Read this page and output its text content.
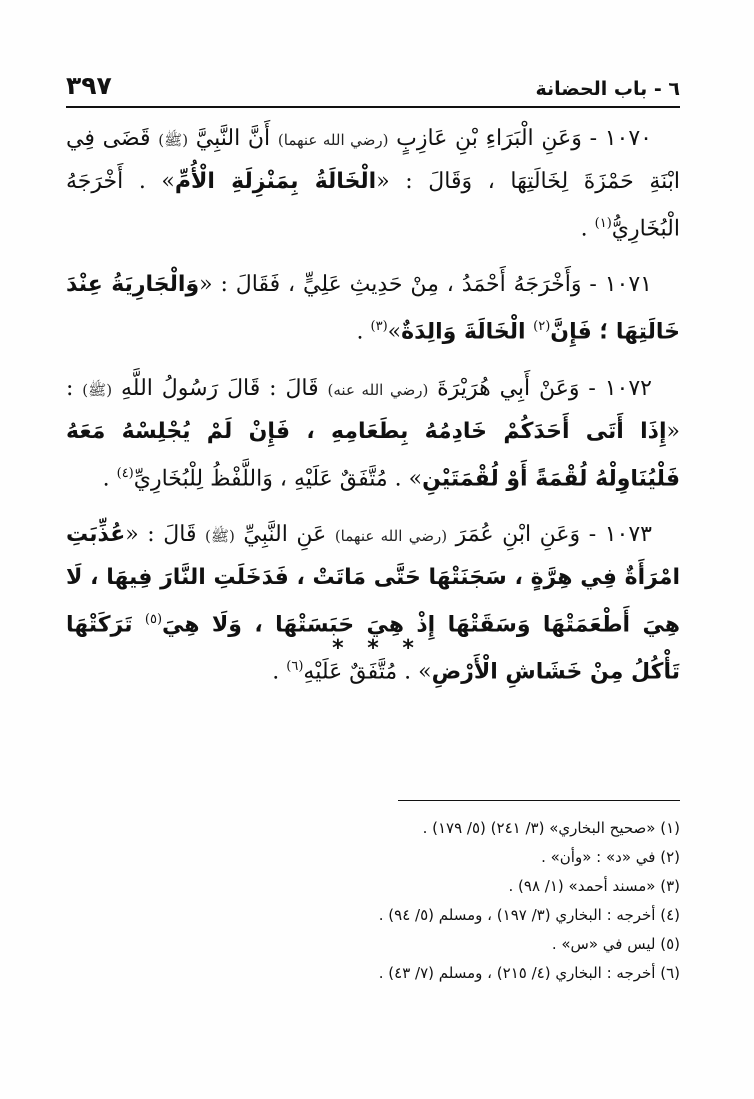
٦ - باب الحضانة
٣٩٧

١٠٧٠ - وَعَنِ الْبَرَاءِ بْنِ عَازِبٍ (رضي الله عنهما) أَنَّ النَّبِيَّ (ﷺ) قَضَى فِي ابْنَةِ حَمْزَةَ لِخَالَتِهَا ، وَقَالَ : «الْخَالَةُ بِمَنْزِلَةِ الْأُمِّ» . أَخْرَجَهُ الْبُخَارِيُّ$^{(١)}$ .

١٠٧١ - وَأَخْرَجَهُ أَحْمَدُ ، مِنْ حَدِيثِ عَلِيٍّ ، فَقَالَ : «وَالْجَارِيَةُ عِنْدَ خَالَتِهَا ؛ فَإِنَّ$^{(٢)}$ الْخَالَةَ وَالِدَةٌ»$^{(٣)}$ .

١٠٧٢ - وَعَنْ أَبِي هُرَيْرَةَ (رضي الله عنه) قَالَ : قَالَ رَسُولُ اللَّهِ (ﷺ) : «إِذَا أَتَى أَحَدَكُمْ خَادِمُهُ بِطَعَامِهِ ، فَإِنْ لَمْ يُجْلِسْهُ مَعَهُ فَلْيُنَاوِلْهُ لُقْمَةً أَوْ لُقْمَتَيْنِ» . مُتَّفَقٌ عَلَيْهِ ، وَاللَّفْظُ لِلْبُخَارِيِّ$^{(٤)}$ .

١٠٧٣ - وَعَنِ ابْنِ عُمَرَ (رضي الله عنهما) عَنِ النَّبِيِّ (ﷺ) قَالَ : «عُذِّبَتِ امْرَأَةٌ فِي هِرَّةٍ ، سَجَنَتْهَا حَتَّى مَاتَتْ ، فَدَخَلَتِ النَّارَ فِيهَا ، لَا هِيَ أَطْعَمَتْهَا وَسَقَتْهَا إِذْ هِيَ حَبَسَتْهَا ، وَلَا هِيَ$^{(٥)}$ تَرَكَتْهَا تَأْكُلُ مِنْ خَشَاشِ الْأَرْضِ» . مُتَّفَقٌ عَلَيْهِ$^{(٦)}$ .

* * *
(١) «صحيح البخاري» (٣/ ٢٤١) (٥/ ١٧٩) .
(٢) في «د» : «وأن» .
(٣) «مسند أحمد» (١/ ٩٨) .
(٤) أخرجه : البخاري (٣/ ١٩٧) ، ومسلم (٥/ ٩٤) .
(٥) ليس في «س» .
(٦) أخرجه : البخاري (٤/ ٢١٥) ، ومسلم (٧/ ٤٣) .
